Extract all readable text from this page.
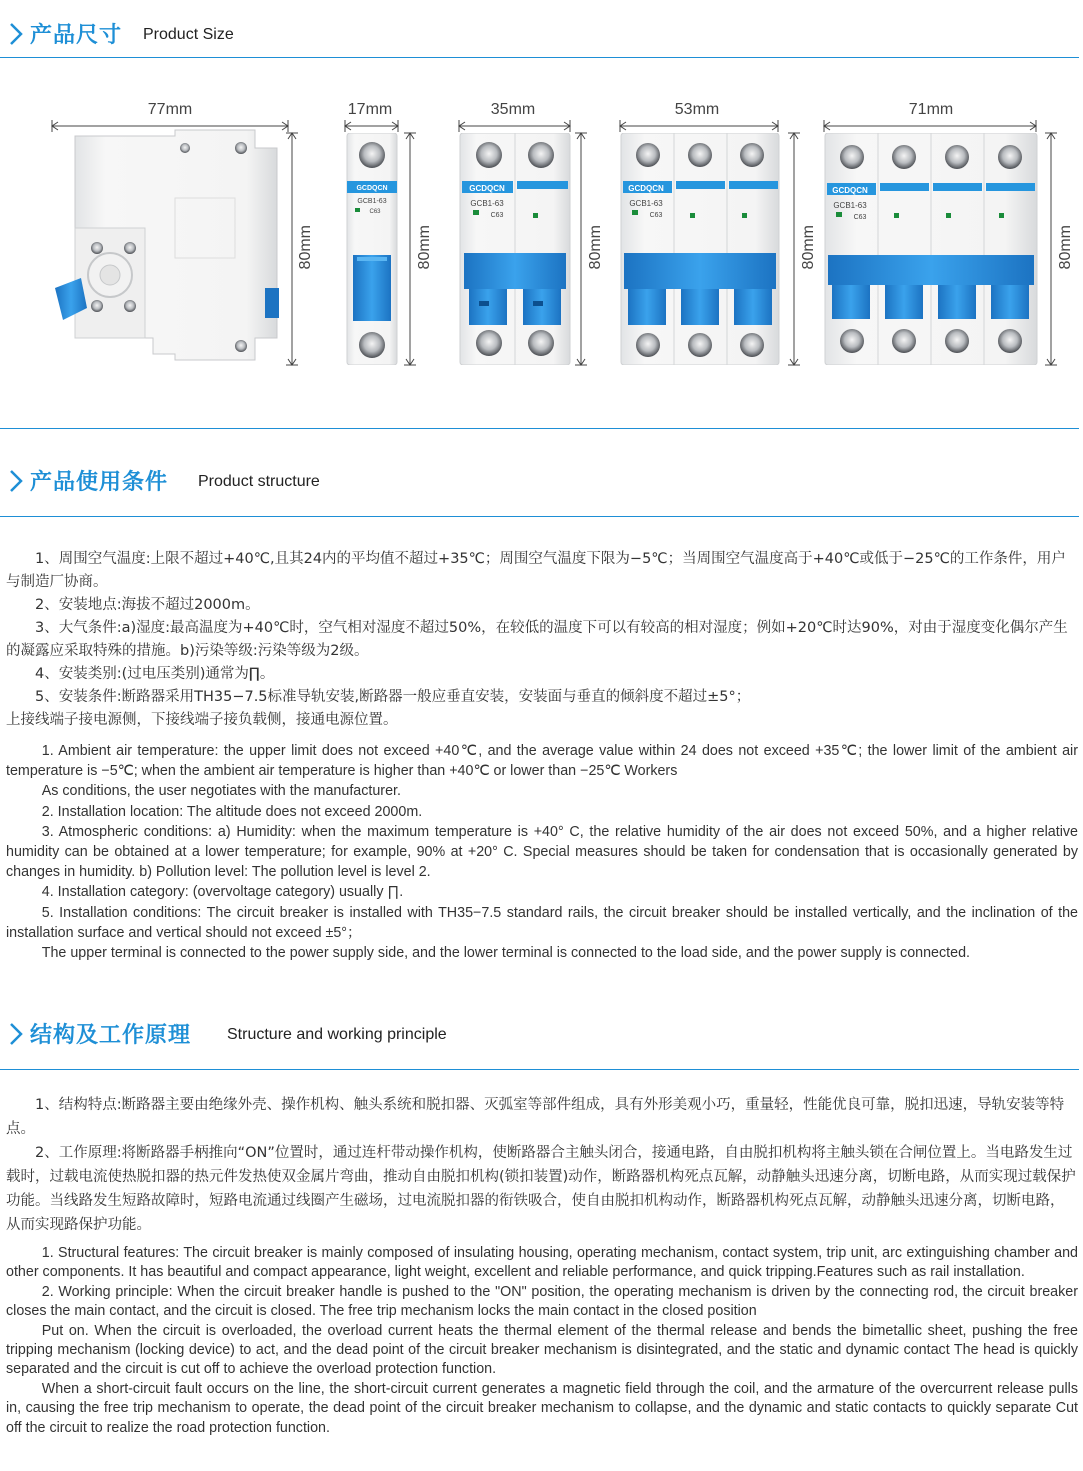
产品尺寸 Product Size
77mm	17mm	35mm	53mm	71mm
80mm	80mm	80mm	80mm	80mm
GCDQCN
GCB1-63
C63
GCDQCN
GCB1-63
C63
GCDQCN
GCB1-63
C63
GCDQCN
GCB1-63
C63
产品使用条件 Product structure

1、周围空气温度:上限不超过+40℃,且其24内的平均值不超过+35℃；周围空气温度下限为−5℃；当周围空气温度高于+40℃或低于−25℃的工作条件，用户与制造厂协商。

2、安装地点:海拔不超过2000m。

3、大气条件:a)湿度:最高温度为+40℃时，空气相对湿度不超过50%，在较低的温度下可以有较高的相对湿度；例如+20℃时达90%，对由于湿度变化偶尔产生的凝露应采取特殊的措施。b)污染等级:污染等级为2级。

4、安装类别:(过电压类别)通常为∏。

5、安装条件:断路器采用TH35−7.5标准导轨安装,断路器一般应垂直安装，安装面与垂直的倾斜度不超过±5°；

上接线端子接电源侧，下接线端子接负载侧，接通电源位置。

1. Ambient air temperature: the upper limit does not exceed +40℃, and the average value within 24 does not exceed +35℃; the lower limit of the ambient air temperature is −5℃; when the ambient air temperature is higher than +40℃ or lower than −25℃ Workers

As conditions, the user negotiates with the manufacturer.

2. Installation location: The altitude does not exceed 2000m.

3. Atmospheric conditions: a) Humidity: when the maximum temperature is +40° C, the relative humidity of the air does not exceed 50%, and a higher relative humidity can be obtained at a lower temperature; for example, 90% at +20° C. Special measures should be taken for condensation that is occasionally generated by changes in humidity. b) Pollution level: The pollution level is level 2.

4. Installation category: (overvoltage category) usually ∏.

5. Installation conditions: The circuit breaker is installed with TH35−7.5 standard rails, the circuit breaker should be installed vertically, and the inclination of the installation surface and vertical should not exceed ±5°；

The upper terminal is connected to the power supply side, and the lower terminal is connected to the load side, and the power supply is connected.

结构及工作原理 Structure and working principle

1、结构特点:断路器主要由绝缘外壳、操作机构、触头系统和脱扣器、灭弧室等部件组成，具有外形美观小巧，重量轻，性能优良可靠，脱扣迅速，导轨安装等特点。

2、工作原理:将断路器手柄推向“ON”位置时，通过连杆带动操作机构，使断路器合主触头闭合，接通电路，自由脱扣机构将主触头锁在合闸位置上。当电路发生过载时，过载电流使热脱扣器的热元件发热使双金属片弯曲，推动自由脱扣机构(锁扣装置)动作，断路器机构死点瓦解，动静触头迅速分离，切断电路，从而实现过载保护功能。当线路发生短路故障时，短路电流通过线圈产生磁场，过电流脱扣器的衔铁吸合，使自由脱扣机构动作，断路器机构死点瓦解，动静触头迅速分离，切断电路，从而实现路保护功能。

1. Structural features: The circuit breaker is mainly composed of insulating housing, operating mechanism, contact system, trip unit, arc extinguishing chamber and other components. It has beautiful and compact appearance, light weight, excellent and reliable performance, and quick tripping.Features such as rail installation.

2. Working principle: When the circuit breaker handle is pushed to the "ON" position, the operating mechanism is driven by the connecting rod, the circuit breaker closes the main contact, and the circuit is closed. The free trip mechanism locks the main contact in the closed position

Put on. When the circuit is overloaded, the overload current heats the thermal element of the thermal release and bends the bimetallic sheet, pushing the free tripping mechanism (locking device) to act, and the dead point of the circuit breaker mechanism is disintegrated, and the static and dynamic contact The head is quickly separated and the circuit is cut off to achieve the overload protection function.

When a short-circuit fault occurs on the line, the short-circuit current generates a magnetic field through the coil, and the armature of the overcurrent release pulls in, causing the free trip mechanism to operate, the dead point of the circuit breaker mechanism to collapse, and the dynamic and static contacts to quickly separate Cut off the circuit to realize the road protection function.
